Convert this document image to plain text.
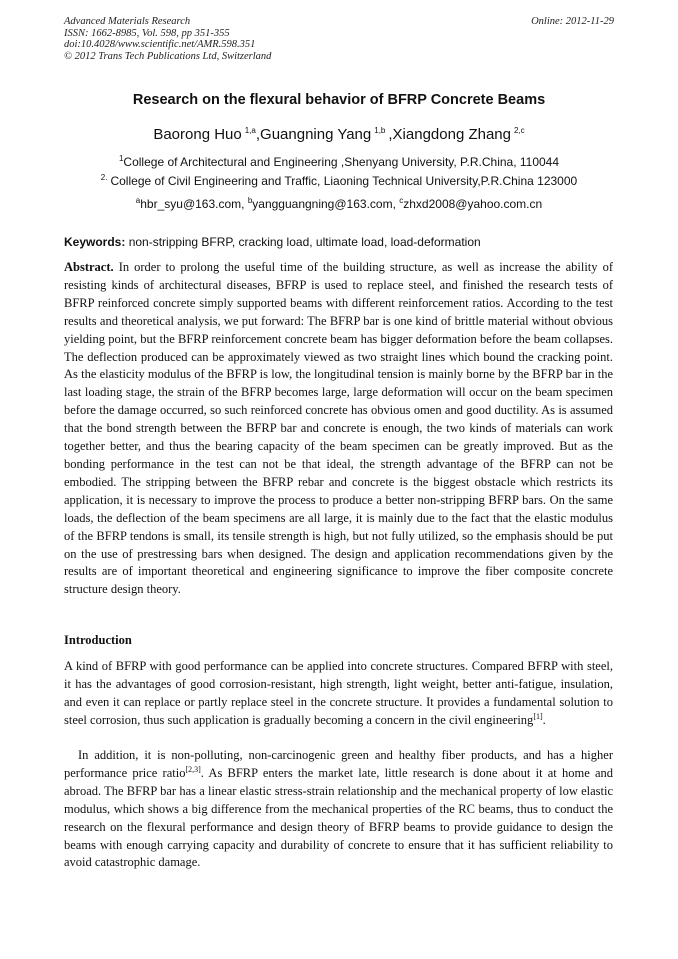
Advanced Materials Research
ISSN: 1662-8985, Vol. 598, pp 351-355
doi:10.4028/www.scientific.net/AMR.598.351
© 2012 Trans Tech Publications Ltd, Switzerland
Online: 2012-11-29
Research on the flexural behavior of BFRP Concrete Beams
Baorong Huo $^{1,a}$,Guangning Yang $^{1,b}$ ,Xiangdong Zhang $^{2,c}$
$^1$College of Architectural and Engineering ,Shenyang University, P.R.China, 110044
$^{2.}$ College of Civil Engineering and Traffic, Liaoning Technical University,P.R.China 123000
$^a$hbr_syu@163.com, $^b$yangguangning@163.com, $^c$zhxd2008@yahoo.com.cn
Keywords: non-stripping BFRP, cracking load, ultimate load, load-deformation
Abstract. In order to prolong the useful time of the building structure, as well as increase the ability of resisting kinds of architectural diseases, BFRP is used to replace steel, and finished the research tests of BFRP reinforced concrete simply supported beams with different reinforcement ratios. According to the test results and theoretical analysis, we put forward: The BFRP bar is one kind of brittle material without obvious yielding point, but the BFRP reinforcement concrete beam has bigger deformation before the beam collapses. The deflection produced can be approximately viewed as two straight lines which bound the cracking point. As the elasticity modulus of the BFRP is low, the longitudinal tension is mainly borne by the BFRP bar in the last loading stage, the strain of the BFRP becomes large, large deformation will occur on the beam specimen before the damage occurred, so such reinforced concrete has obvious omen and good ductility. As is assumed that the bond strength between the BFRP bar and concrete is enough, the two kinds of materials can work together better, and thus the bearing capacity of the beam specimen can be greatly improved. But as the bonding performance in the test can not be that ideal, the strength advantage of the BFRP can not be embodied. The stripping between the BFRP rebar and concrete is the biggest obstacle which restricts its application, it is necessary to improve the process to produce a better non-stripping BFRP bars. On the same loads, the deflection of the beam specimens are all large, it is mainly due to the fact that the elastic modulus of the BFRP tendons is small, its tensile strength is high, but not fully utilized, so the emphasis should be put on the use of prestressing bars when designed. The design and application recommendations given by the results are of important theoretical and engineering significance to improve the fiber composite concrete structure design theory.
Introduction
A kind of BFRP with good performance can be applied into concrete structures. Compared BFRP with steel, it has the advantages of good corrosion-resistant, high strength, light weight, better anti-fatigue, insulation, and even it can replace or partly replace steel in the concrete structure. It provides a fundamental solution to steel corrosion, thus such application is gradually becoming a concern in the civil engineering[1].
In addition, it is non-polluting, non-carcinogenic green and healthy fiber products, and has a higher performance price ratio[2,3]. As BFRP enters the market late, little research is done about it at home and abroad. The BFRP bar has a linear elastic stress-strain relationship and the mechanical property of low elastic modulus, which shows a big difference from the mechanical properties of the RC beams, thus to conduct the research on the flexural performance and design theory of BFRP beams to provide guidance to design the beams with enough carrying capacity and durability of concrete to ensure that it has sufficient reliability to avoid catastrophic damage.
